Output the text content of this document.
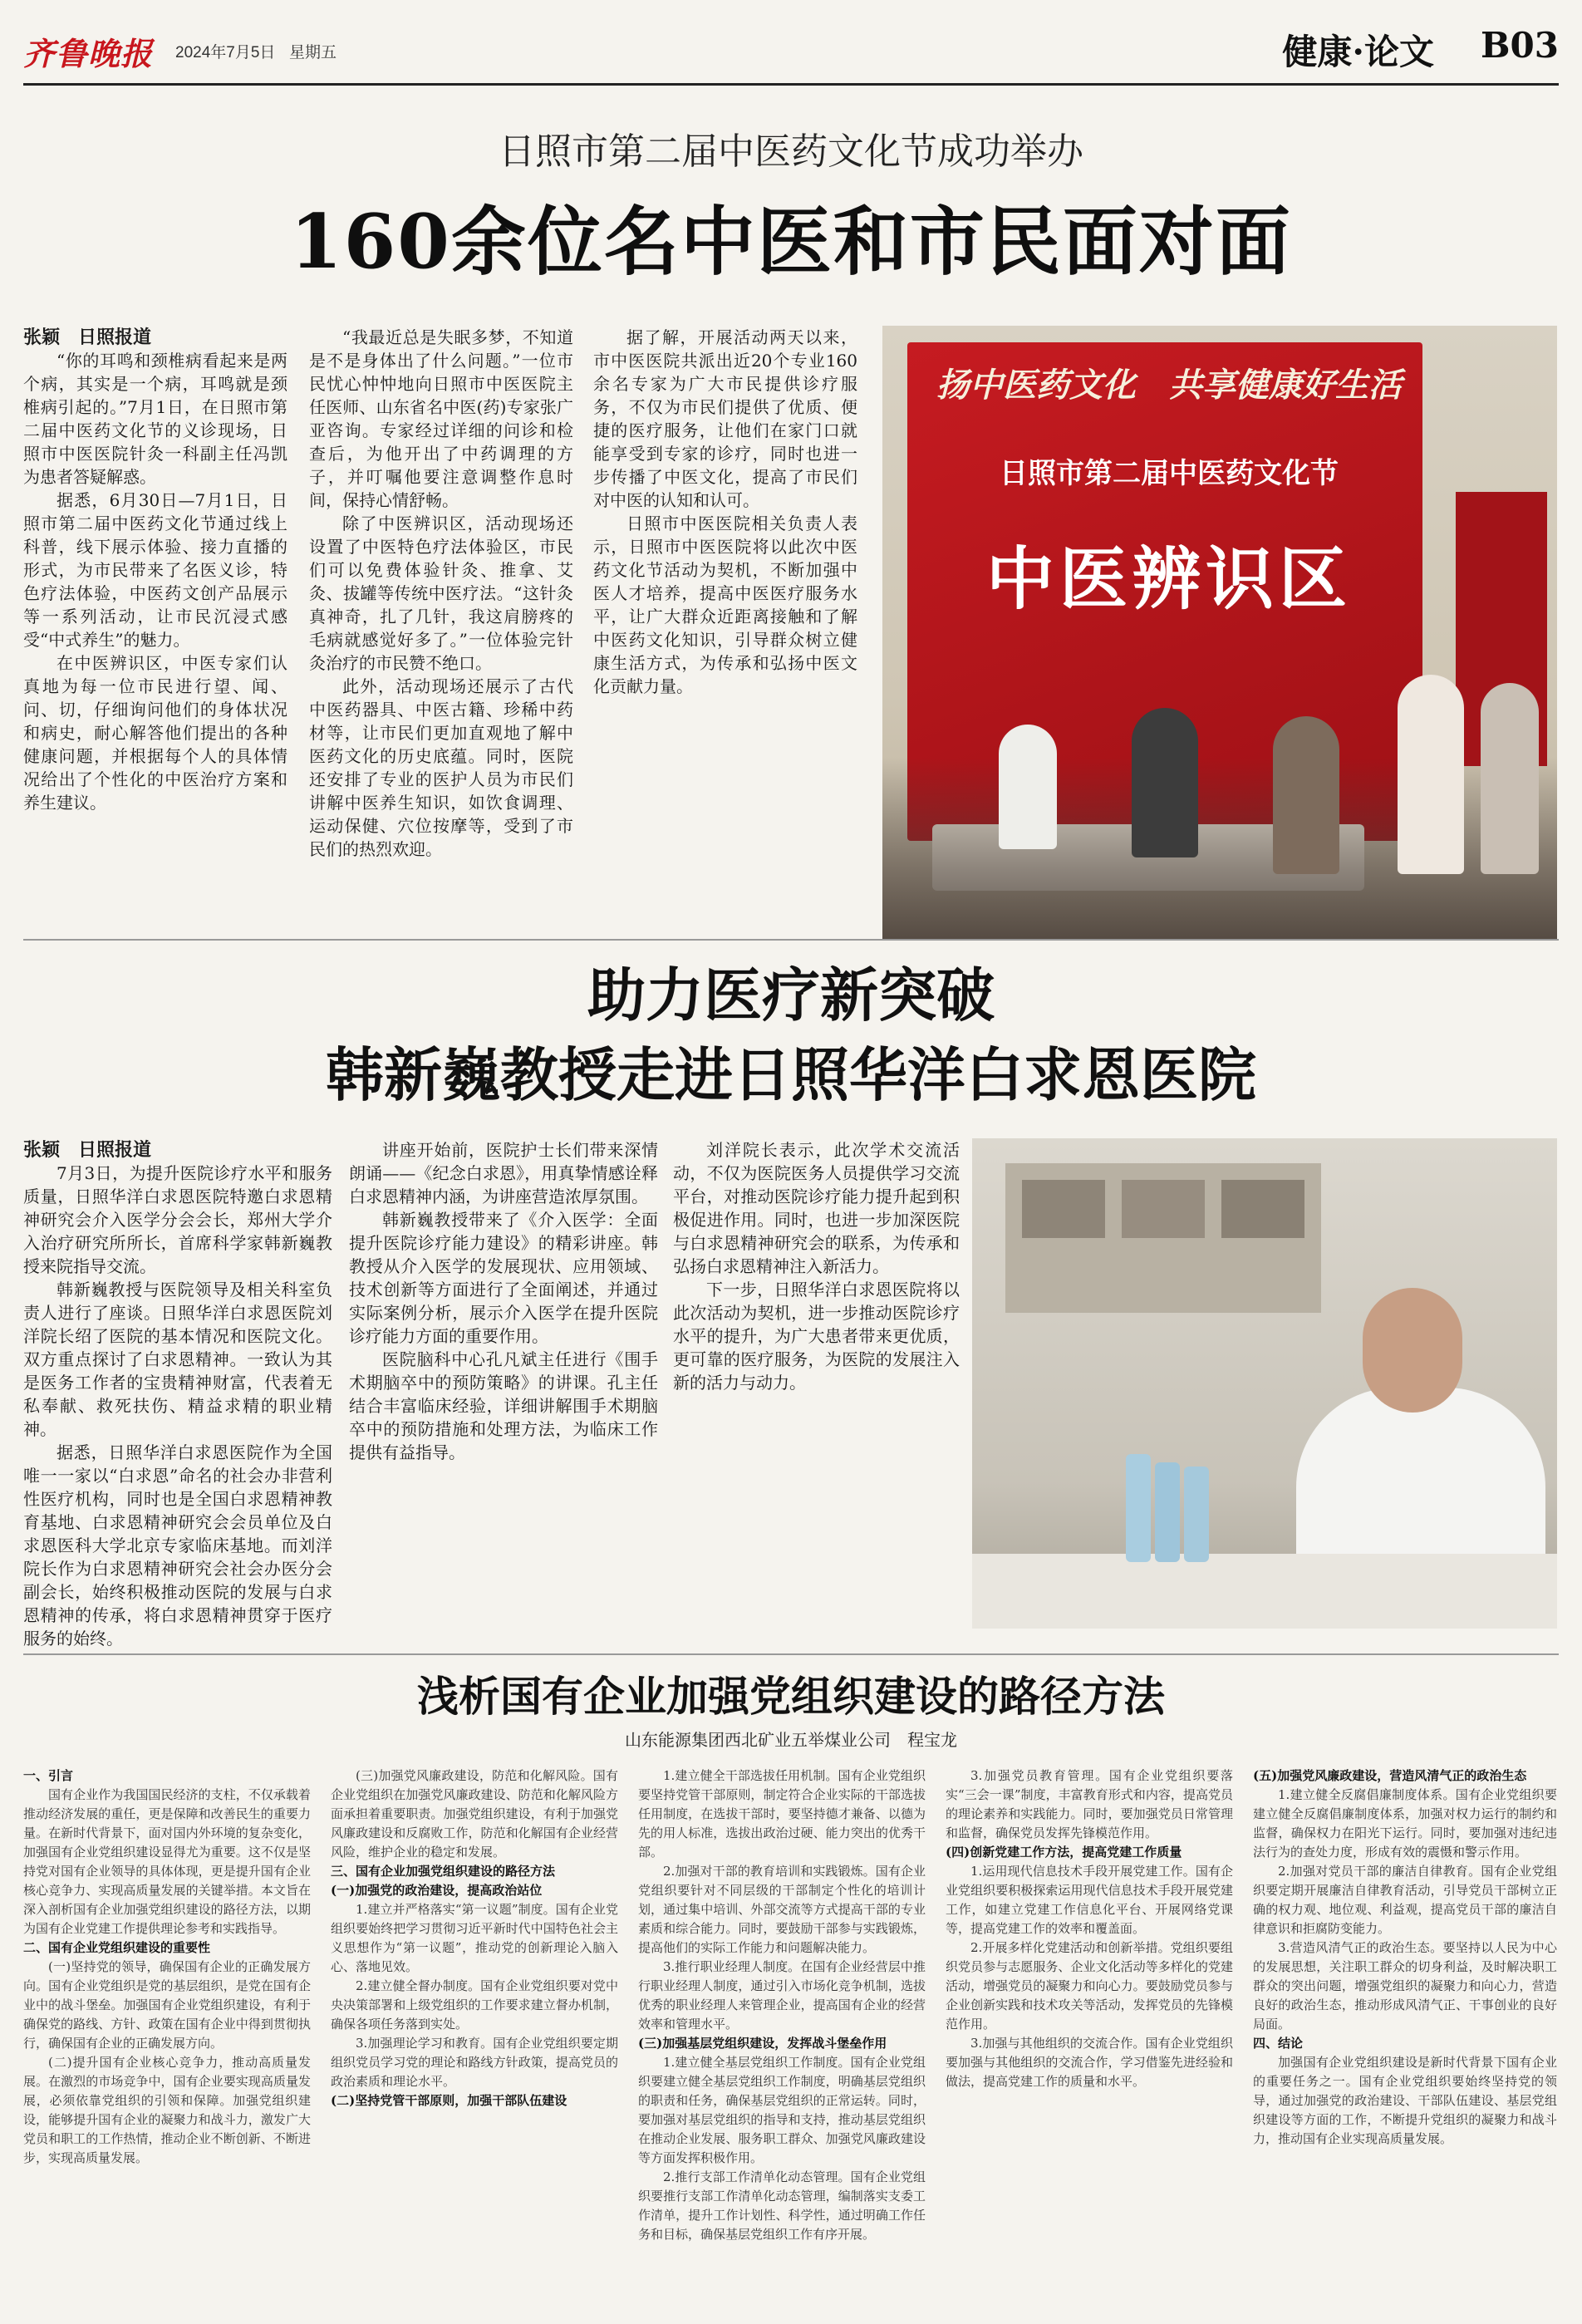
齐鲁晚报 2024年7月5日 星期五	健康·论文 B03
日照市第二届中医药文化节成功举办
160余位名中医和市民面对面

张颖　日照报道

“你的耳鸣和颈椎病看起来是两个病，其实是一个病，耳鸣就是颈椎病引起的。”7月1日，在日照市第二届中医药文化节的义诊现场，日照市中医医院针灸一科副主任冯凯为患者答疑解惑。

据悉，6月30日—7月1日，日照市第二届中医药文化节通过线上科普，线下展示体验、接力直播的形式，为市民带来了名医义诊，特色疗法体验，中医药文创产品展示等一系列活动，让市民沉浸式感受“中式养生”的魅力。

在中医辨识区，中医专家们认真地为每一位市民进行望、闻、问、切，仔细询问他们的身体状况和病史，耐心解答他们提出的各种健康问题，并根据每个人的具体情况给出了个性化的中医治疗方案和养生建议。

“我最近总是失眠多梦，不知道是不是身体出了什么问题。”一位市民忧心忡忡地向日照市中医医院主任医师、山东省名中医(药)专家张广亚咨询。专家经过详细的问诊和检查后，为他开出了中药调理的方子，并叮嘱他要注意调整作息时间，保持心情舒畅。

除了中医辨识区，活动现场还设置了中医特色疗法体验区，市民们可以免费体验针灸、推拿、艾灸、拔罐等传统中医疗法。“这针灸真神奇，扎了几针，我这肩膀疼的毛病就感觉好多了。”一位体验完针灸治疗的市民赞不绝口。

此外，活动现场还展示了古代中医药器具、中医古籍、珍稀中药材等，让市民们更加直观地了解中医药文化的历史底蕴。同时，医院还安排了专业的医护人员为市民们讲解中医养生知识，如饮食调理、运动保健、穴位按摩等，受到了市民们的热烈欢迎。

据了解，开展活动两天以来，市中医医院共派出近20个专业160余名专家为广大市民提供诊疗服务，不仅为市民们提供了优质、便捷的医疗服务，让他们在家门口就能享受到专家的诊疗，同时也进一步传播了中医文化，提高了市民们对中医的认知和认可。

日照市中医医院相关负责人表示，日照市中医医院将以此次中医药文化节活动为契机，不断加强中医人才培养，提高中医医疗服务水平，让广大群众近距离接触和了解中医药文化知识，引导群众树立健康生活方式，为传承和弘扬中医文化贡献力量。

扬中医药文化　共享健康好生活
日照市第二届中医药文化节
中医辨识区
助力医疗新突破
韩新巍教授走进日照华洋白求恩医院

张颖　日照报道

7月3日，为提升医院诊疗水平和服务质量，日照华洋白求恩医院特邀白求恩精神研究会介入医学分会会长，郑州大学介入治疗研究所所长，首席科学家韩新巍教授来院指导交流。

韩新巍教授与医院领导及相关科室负责人进行了座谈。日照华洋白求恩医院刘洋院长绍了医院的基本情况和医院文化。双方重点探讨了白求恩精神。一致认为其是医务工作者的宝贵精神财富，代表着无私奉献、救死扶伤、精益求精的职业精神。

据悉，日照华洋白求恩医院作为全国唯一一家以“白求恩”命名的社会办非营利性医疗机构，同时也是全国白求恩精神教育基地、白求恩精神研究会会员单位及白求恩医科大学北京专家临床基地。而刘洋院长作为白求恩精神研究会社会办医分会副会长，始终积极推动医院的发展与白求恩精神的传承，将白求恩精神贯穿于医疗服务的始终。

讲座开始前，医院护士长们带来深情朗诵——《纪念白求恩》，用真挚情感诠释白求恩精神内涵，为讲座营造浓厚氛围。

韩新巍教授带来了《介入医学：全面提升医院诊疗能力建设》的精彩讲座。韩教授从介入医学的发展现状、应用领域、技术创新等方面进行了全面阐述，并通过实际案例分析，展示介入医学在提升医院诊疗能力方面的重要作用。

医院脑科中心孔凡斌主任进行《围手术期脑卒中的预防策略》的讲课。孔主任结合丰富临床经验，详细讲解围手术期脑卒中的预防措施和处理方法，为临床工作提供有益指导。

刘洋院长表示，此次学术交流活动，不仅为医院医务人员提供学习交流平台，对推动医院诊疗能力提升起到积极促进作用。同时，也进一步加深医院与白求恩精神研究会的联系，为传承和弘扬白求恩精神注入新活力。

下一步，日照华洋白求恩医院将以此次活动为契机，进一步推动医院诊疗水平的提升，为广大患者带来更优质，更可靠的医疗服务，为医院的发展注入新的活力与动力。

浅析国有企业加强党组织建设的路径方法
山东能源集团西北矿业五举煤业公司　程宝龙

一、引言

国有企业作为我国国民经济的支柱，不仅承载着推动经济发展的重任，更是保障和改善民生的重要力量。在新时代背景下，面对国内外环境的复杂变化，加强国有企业党组织建设显得尤为重要。这不仅是坚持党对国有企业领导的具体体现，更是提升国有企业核心竞争力、实现高质量发展的关键举措。本文旨在深入剖析国有企业加强党组织建设的路径方法，以期为国有企业党建工作提供理论参考和实践指导。

二、国有企业党组织建设的重要性

(一)坚持党的领导，确保国有企业的正确发展方向。国有企业党组织是党的基层组织，是党在国有企业中的战斗堡垒。加强国有企业党组织建设，有利于确保党的路线、方针、政策在国有企业中得到贯彻执行，确保国有企业的正确发展方向。

(二)提升国有企业核心竞争力，推动高质量发展。在激烈的市场竞争中，国有企业要实现高质量发展，必须依靠党组织的引领和保障。加强党组织建设，能够提升国有企业的凝聚力和战斗力，激发广大党员和职工的工作热情，推动企业不断创新、不断进步，实现高质量发展。

(三)加强党风廉政建设，防范和化解风险。国有企业党组织在加强党风廉政建设、防范和化解风险方面承担着重要职责。加强党组织建设，有利于加强党风廉政建设和反腐败工作，防范和化解国有企业经营风险，维护企业的稳定和发展。

三、国有企业加强党组织建设的路径方法

(一)加强党的政治建设，提高政治站位

1.建立并严格落实“第一议题”制度。国有企业党组织要始终把学习贯彻习近平新时代中国特色社会主义思想作为“第一议题”，推动党的创新理论入脑入心、落地见效。

2.建立健全督办制度。国有企业党组织要对党中央决策部署和上级党组织的工作要求建立督办机制，确保各项任务落到实处。

3.加强理论学习和教育。国有企业党组织要定期组织党员学习党的理论和路线方针政策，提高党员的政治素质和理论水平。

(二)坚持党管干部原则，加强干部队伍建设

1.建立健全干部选拔任用机制。国有企业党组织要坚持党管干部原则，制定符合企业实际的干部选拔任用制度，在选拔干部时，要坚持德才兼备、以德为先的用人标准，选拔出政治过硬、能力突出的优秀干部。

2.加强对干部的教育培训和实践锻炼。国有企业党组织要针对不同层级的干部制定个性化的培训计划，通过集中培训、外部交流等方式提高干部的专业素质和综合能力。同时，要鼓励干部参与实践锻炼，提高他们的实际工作能力和问题解决能力。

3.推行职业经理人制度。在国有企业经营层中推行职业经理人制度，通过引入市场化竞争机制，选拔优秀的职业经理人来管理企业，提高国有企业的经营效率和管理水平。

(三)加强基层党组织建设，发挥战斗堡垒作用

1.建立健全基层党组织工作制度。国有企业党组织要建立健全基层党组织工作制度，明确基层党组织的职责和任务，确保基层党组织的正常运转。同时，要加强对基层党组织的指导和支持，推动基层党组织在推动企业发展、服务职工群众、加强党风廉政建设等方面发挥积极作用。

2.推行支部工作清单化动态管理。国有企业党组织要推行支部工作清单化动态管理，编制落实支委工作清单，提升工作计划性、科学性，通过明确工作任务和目标，确保基层党组织工作有序开展。

3.加强党员教育管理。国有企业党组织要落实“三会一课”制度，丰富教育形式和内容，提高党员的理论素养和实践能力。同时，要加强党员日常管理和监督，确保党员发挥先锋模范作用。

(四)创新党建工作方法，提高党建工作质量

1.运用现代信息技术手段开展党建工作。国有企业党组织要积极探索运用现代信息技术手段开展党建工作，如建立党建工作信息化平台、开展网络党课等，提高党建工作的效率和覆盖面。

2.开展多样化党建活动和创新举措。党组织要组织党员参与志愿服务、企业文化活动等多样化的党建活动，增强党员的凝聚力和向心力。要鼓励党员参与企业创新实践和技术攻关等活动，发挥党员的先锋模范作用。

3.加强与其他组织的交流合作。国有企业党组织要加强与其他组织的交流合作，学习借鉴先进经验和做法，提高党建工作的质量和水平。

(五)加强党风廉政建设，营造风清气正的政治生态

1.建立健全反腐倡廉制度体系。国有企业党组织要建立健全反腐倡廉制度体系，加强对权力运行的制约和监督，确保权力在阳光下运行。同时，要加强对违纪违法行为的查处力度，形成有效的震慑和警示作用。

2.加强对党员干部的廉洁自律教育。国有企业党组织要定期开展廉洁自律教育活动，引导党员干部树立正确的权力观、地位观、利益观，提高党员干部的廉洁自律意识和拒腐防变能力。

3.营造风清气正的政治生态。要坚持以人民为中心的发展思想，关注职工群众的切身利益，及时解决职工群众的突出问题，增强党组织的凝聚力和向心力，营造良好的政治生态，推动形成风清气正、干事创业的良好局面。

四、结论

加强国有企业党组织建设是新时代背景下国有企业的重要任务之一。国有企业党组织要始终坚持党的领导，通过加强党的政治建设、干部队伍建设、基层党组织建设等方面的工作，不断提升党组织的凝聚力和战斗力，推动国有企业实现高质量发展。
